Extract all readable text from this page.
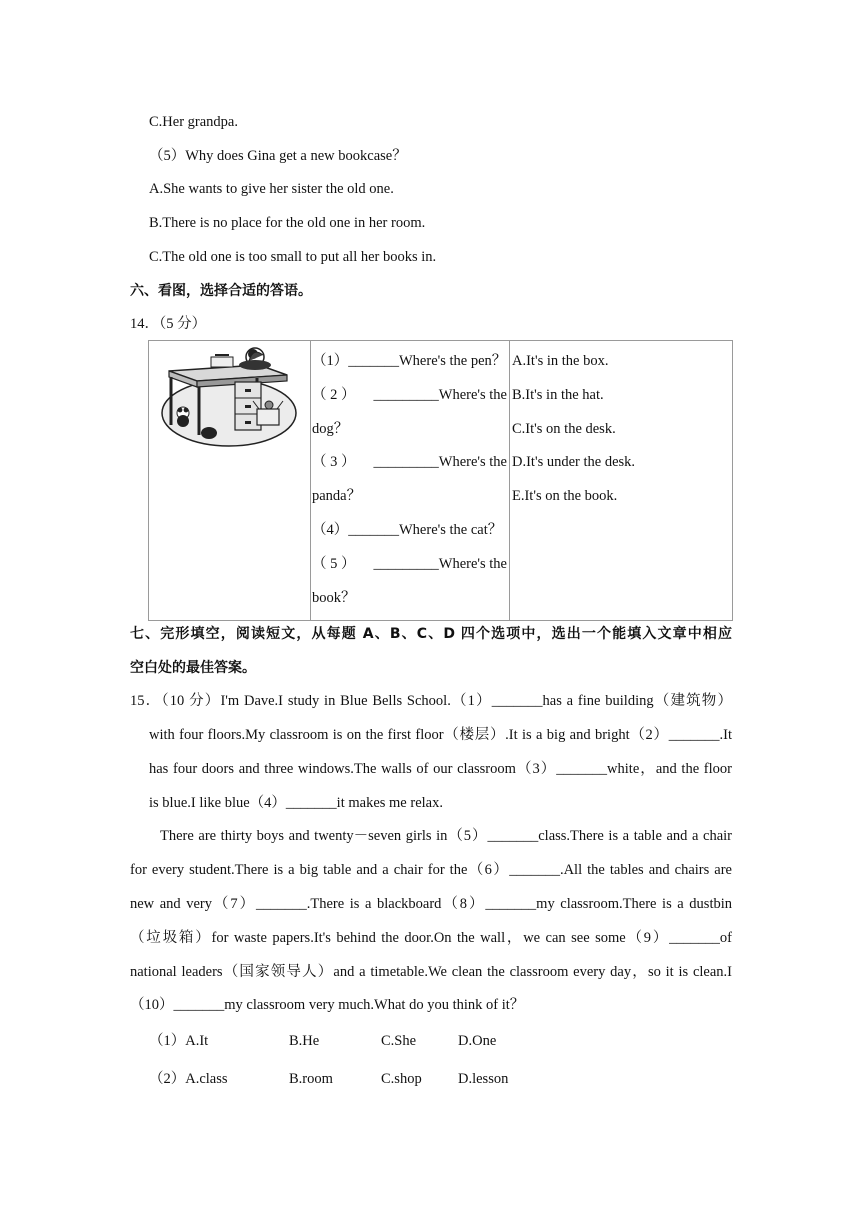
C.Her grandpa.
（5）Why does Gina get a new bookcase？
A.She wants to give her sister the old one.
B.There is no place for the old one in her room.
C.The old one is too small to put all her books in.
六、看图，选择合适的答语。
14．（5 分）

（1）_______Where's the pen？
（ 2 ） _________Where's the
dog？
（ 3 ） _________Where's the
panda？
（4）_______Where's the cat？
（ 5 ） _________Where's the
book？

A.It's in the box.
B.It's in the hat.
C.It's on the desk.
D.It's under the desk.
E.It's on the book.
七、完形填空，阅读短文，从每题 A、B、C、D 四个选项中，选出一个能填入文章中相应
空白处的最佳答案。
15．（10 分）I'm Dave.I study in Blue Bells School.（1）_______has a fine building（建筑物）
with four floors.My classroom is on the first floor（楼层）.It is a big and bright（2）_______.It
has four doors and three windows.The walls of our classroom（3）_______white，and the floor
is blue.I like blue（4）_______it makes me relax.
There are thirty boys and twenty－seven girls in（5）_______class.There is a table and a chair
for every student.There is a big table and a chair for the（6）_______.All the tables and chairs are
new and very（7）_______.There is a blackboard（8）_______my classroom.There is a dustbin
（垃圾箱）for waste papers.It's behind the door.On the wall，we can see some（9）_______of
national leaders（国家领导人）and a timetable.We clean the classroom every day，so it is clean.I
（10）_______my classroom very much.What do you think of it？
（1）A.It	B.He	C.She	D.One
（2）A.class	B.room	C.shop	D.lesson
